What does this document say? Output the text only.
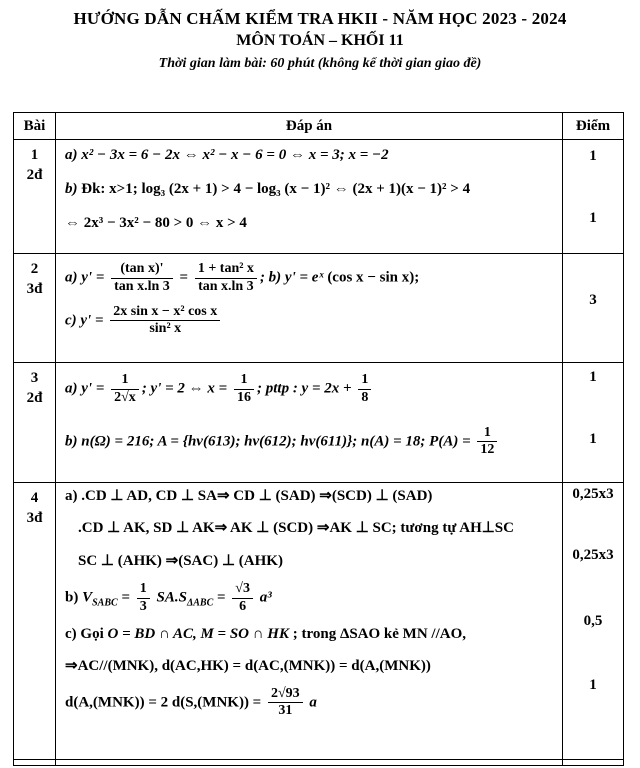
HƯỚNG DẪN CHẤM KIỂM TRA HKII - NĂM HỌC 2023 - 2024
MÔN TOÁN – KHỐI 11
Thời gian làm bài: 60 phút (không kể thời gian giao đề)
Bài	Đáp án	Điểm
1
2đ
a) x² − 3x = 6 − 2x ⇔ x² − x − 6 = 0 ⇔ x = 3; x = −2
b) Đk: x>1; log₃ (2x + 1) > 4 − log₃ (x − 1)² ⇔ (2x + 1)(x − 1)² > 4
⇔ 2x³ − 3x² − 80 > 0 ⇔ x > 4
1
1
2
3đ
a) $y' = \frac{\text{(tan x)'}}{\text{tan x.ln 3}} = \frac{\text{1 + tan² x}}{\text{tan x.ln 3}}$ ; b) y' = eˣ (cos x − sin x);
c) $y' = \frac{\text{2x sin x − x² cos x}}{\text{sin² x}}$
3
3
2đ
a) $y' = \frac{1}{2√x}$ ; y' = 2 ⇔ $x = \frac{1}{16}$ ; pttp : $y = 2x + \frac{1}{8}$
b) n(Ω) = 216; A = {hv(613); hv(612); hv(611)}; n(A) = 18; $P(A) = \frac{1}{12}$
1
1
4
3đ
a) .CD ⊥ AD, CD ⊥ SA⇒ CD ⊥ (SAD) ⇒(SCD) ⊥ (SAD)
.CD ⊥ AK, SD ⊥ AK⇒ AK ⊥ (SCD) ⇒AK ⊥ SC; tương tự AH⊥SC
SC ⊥ (AHK) ⇒(SAC) ⊥ (AHK)
b) $V_{SABC} = \frac{1}{3} SA.S_{\Delta ABC} = \frac{√3}{6} a^3$
c) Gọi O = BD ∩ AC, M = SO ∩ HK ; trong ΔSAO kẻ MN //AO,
⇒AC//(MNK), d(AC,HK) = d(AC,(MNK)) = d(A,(MNK))
d(A,(MNK)) = 2 $d(S,(MNK)) = \frac{2√93}{31}$ a
0,25x3
0,25x3
0,5
1
